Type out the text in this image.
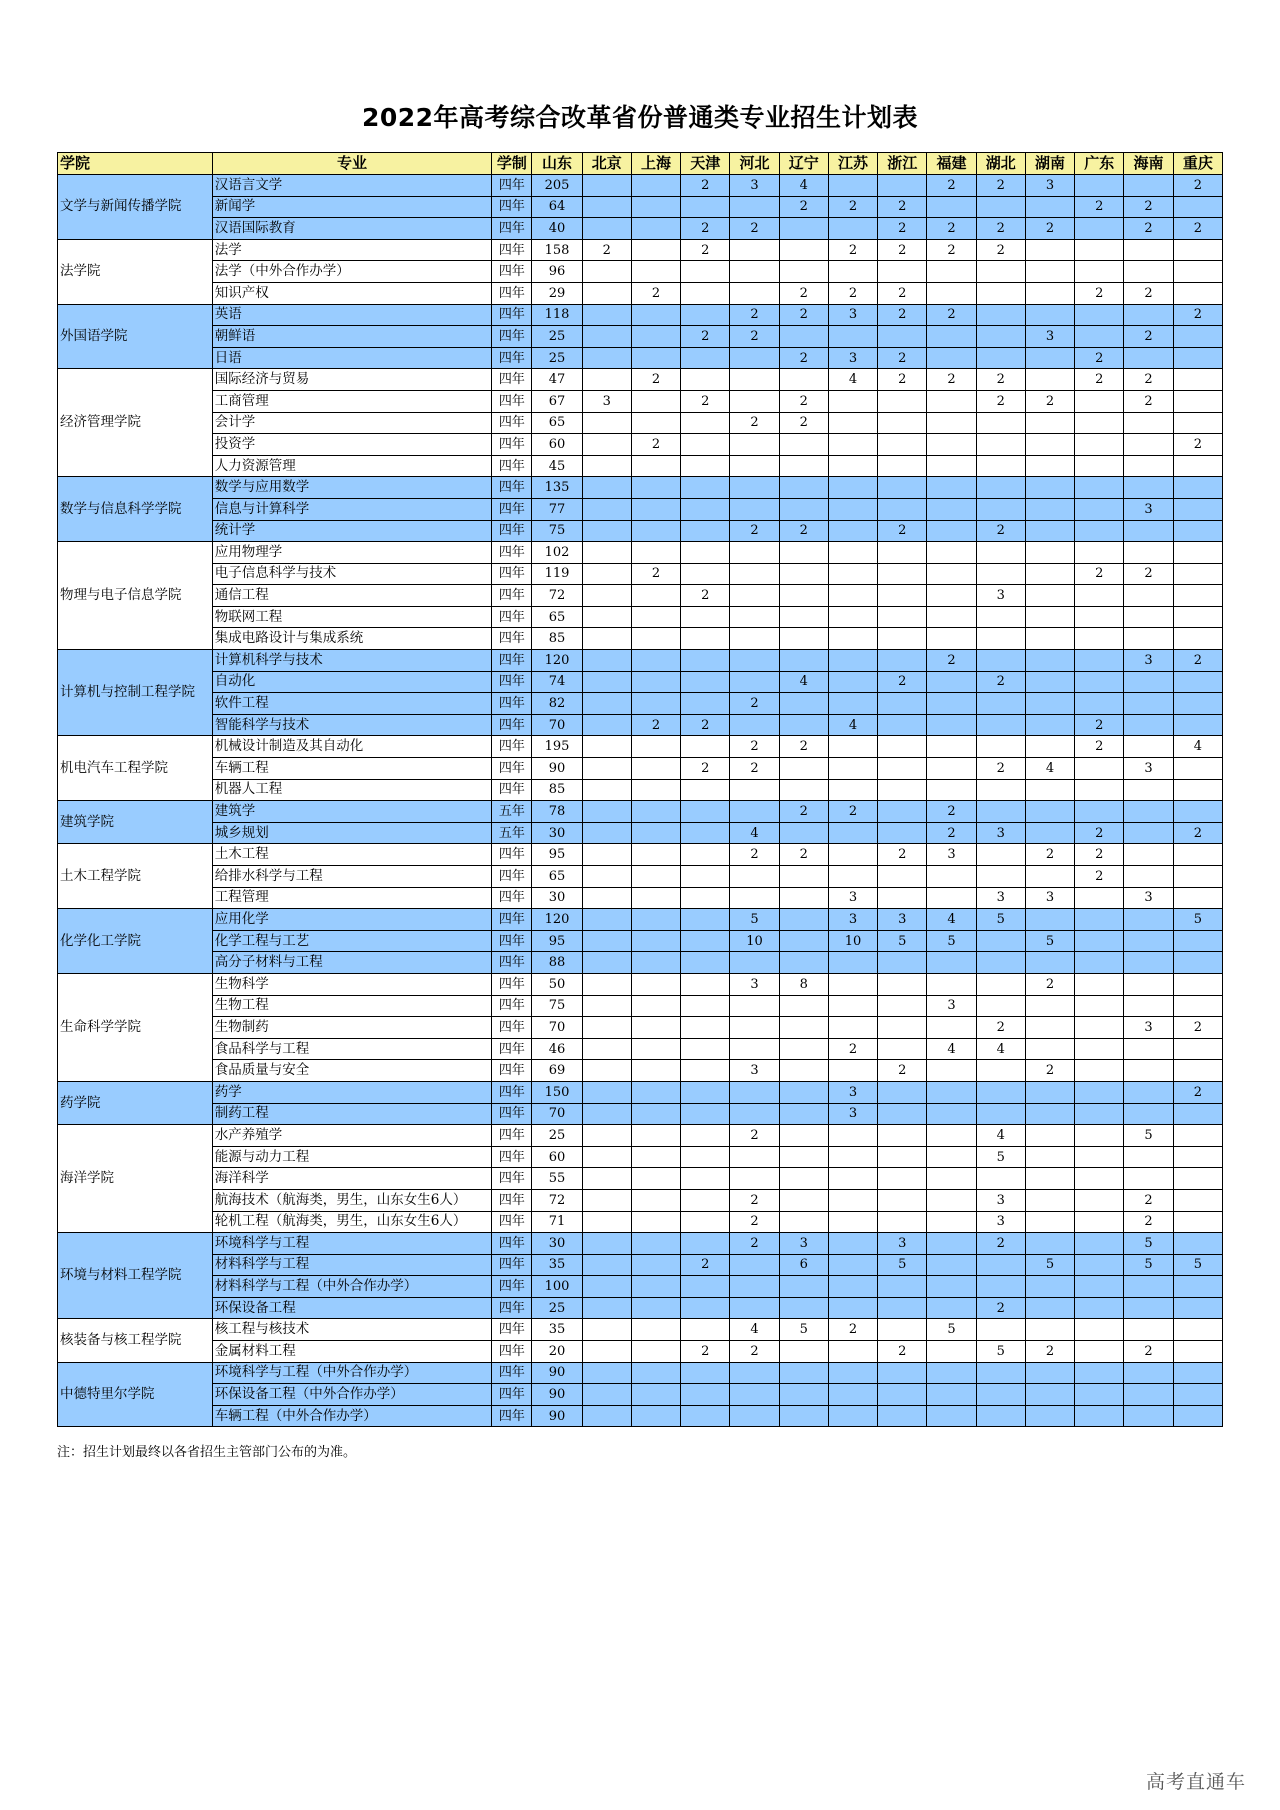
2022年高考综合改革省份普通类专业招生计划表
学院	专业	学制	山东	北京	上海	天津	河北	辽宁	江苏	浙江	福建	湖北	湖南	广东	海南	重庆
文学与新闻传播学院	汉语言文学	四年	205			2	3	4			2	2	3			2
	新闻学	四年	64					2	2	2				2	2	
	汉语国际教育	四年	40			2	2			2	2	2	2		2	2
法学院	法学	四年	158	2		2			2	2	2	2				
	法学（中外合作办学）	四年	96													
	知识产权	四年	29		2			2	2	2				2	2	
外国语学院	英语	四年	118				2	2	3	2	2					2
	朝鲜语	四年	25			2	2						3		2	
	日语	四年	25					2	3	2				2		
经济管理学院	国际经济与贸易	四年	47		2				4	2	2	2		2	2	
	工商管理	四年	67	3		2		2				2	2		2	
	会计学	四年	65				2	2								
	投资学	四年	60		2											2
	人力资源管理	四年	45													
数学与信息科学学院	数学与应用数学	四年	135													
	信息与计算科学	四年	77												3	
	统计学	四年	75				2	2		2		2				
物理与电子信息学院	应用物理学	四年	102													
	电子信息科学与技术	四年	119		2									2	2	
	通信工程	四年	72			2						3				
	物联网工程	四年	65													
	集成电路设计与集成系统	四年	85													
计算机与控制工程学院	计算机科学与技术	四年	120								2				3	2
	自动化	四年	74					4		2		2				
	软件工程	四年	82				2									
	智能科学与技术	四年	70		2	2			4					2		
机电汽车工程学院	机械设计制造及其自动化	四年	195				2	2						2		4
	车辆工程	四年	90			2	2					2	4		3	
	机器人工程	四年	85													
建筑学院	建筑学	五年	78					2	2		2					
	城乡规划	五年	30				4				2	3		2		2
土木工程学院	土木工程	四年	95				2	2		2	3		2	2		
	给排水科学与工程	四年	65											2		
	工程管理	四年	30						3			3	3		3	
化学化工学院	应用化学	四年	120				5		3	3	4	5				5
	化学工程与工艺	四年	95				10		10	5	5		5			
	高分子材料与工程	四年	88													
生命科学学院	生物科学	四年	50				3	8					2			
	生物工程	四年	75								3					
	生物制药	四年	70									2			3	2
	食品科学与工程	四年	46						2		4	4				
	食品质量与安全	四年	69				3			2			2			
药学院	药学	四年	150						3							2
	制药工程	四年	70						3							
海洋学院	水产养殖学	四年	25				2					4			5	
	能源与动力工程	四年	60									5				
	海洋科学	四年	55													
	航海技术（航海类，男生，山东女生6人）	四年	72				2					3			2	
	轮机工程（航海类，男生，山东女生6人）	四年	71				2					3			2	
环境与材料工程学院	环境科学与工程	四年	30				2	3		3		2			5	
	材料科学与工程	四年	35			2		6		5			5		5	5
	材料科学与工程（中外合作办学）	四年	100													
	环保设备工程	四年	25									2				
核装备与核工程学院	核工程与核技术	四年	35				4	5	2		5					
	金属材料工程	四年	20			2	2			2		5	2		2	
中德特里尔学院	环境科学与工程（中外合作办学）	四年	90													
	环保设备工程（中外合作办学）	四年	90													
	车辆工程（中外合作办学）	四年	90													
注：招生计划最终以各省招生主管部门公布的为准。
高考直通车
